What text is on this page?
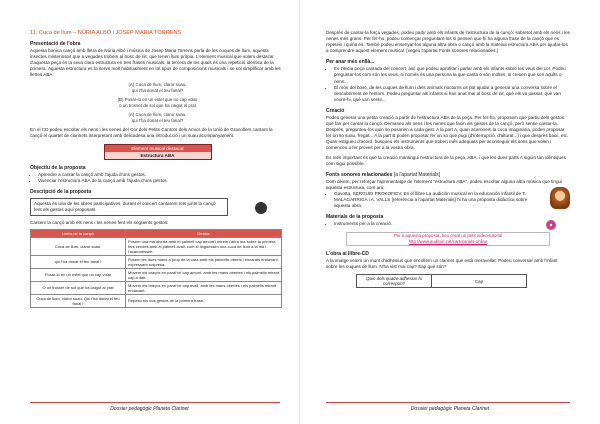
11. Cuca de llum – NÚRIA ALBÓ i JOSEP MARIA TORRENS

Presentació de l'obra

Aquesta bonica cançó amb lletra de Núria Albó i música de Josep Maria Torrens parla de les cuques de llum, aquests insectes misteriosos que a vegades trobem al bosc de nit, que tenen llum pròpia. L'element musical que volem destacar d'aquesta peça és la seva clara estructura en tres frases musicals. la tercera de les quals és una repetició idèntica de la primera. Aquesta estructura es fa servir molt habitualment en tot tipus de composicions musicals i se sol simplificar amb les lletres ABA.

(A) Cuca de llum, claror suau,
qui t'ha donat el teu fanal?
(B) Posar-lo en un estel que no cap volar
o un trosset de sol que ha caigut al prat
(A) Cuca de llum, claror suau,
qui t'ha donat el teu fanal?

En el CD podeu escoltar els nens i les nenes del Cor dels Petits Cantors dels Amics de la Unió de Granollers cantant la cançó el quartet de clarinets interpretant amb delicadesa una introducció i un suau acompanyament.

Element musical destacat
Estructura ABA

Objectiu de la proposta

• Aprendre a cantar la cançó amb l'ajuda d'uns gestos.
• Vivenciar l'estructura ABA de la cançó amb l'ajuda d'uns gestos.

Descripció de la proposta

Aquesta és una de les obres participatives, durant el concert cantarem tots junts la cançó fent els gestos aquí proposats.

Cantem la cançó amb els nens i les nenes fent els següents gestos:

Lletra de la cançó	Gestos
Cuca de llum, claror suau,	Posem una mà oberta amb el palmell cap amunt i mirem l'altra mà sobre la primera fent cercles amb el palmell avall, com si tinguéssim una cuca de llum a la mà i l'acaronéssim.
qui t'ha donat el teu fanal?	Posem les dues mans a prop de la cara amb els palmells oberts i encarats endavant, expressant sorpresa.
Posar-lo en un estel que no cap volar	Movem els braços en paral·lel cap amunt, amb les mans obertes i els palmells mirant cap a dalt.
O un trosset de sol que ha caigut al prat	Movem els braços en paral·lel cap avall, amb les mans obertes i els palmells mirant endavant.
Cuca de llum, claror suau, Qui t'ha donat el teu fanal?	Repetiu els dos gestos de la primera frase.
Dossier pedagògic Planeta Clarinet

Després de cantar-la força vegades, podeu partir amb els infants de l'estructura de la cançó: sobretot amb els nens i les nenes més grans. Per fer-ho, podeu començar preguntant-los si pensen que hi ha alguna frase de la cançó que es repeteix i quina és. També podeu ensenyar-los alguna altra obra o cançó amb la mateixa estructura ABA per ajudar-los a comprendre aquest element musical. [vegeu l'apartat Fonts sonores relacionades.]

Per anar més enllà...

• Es t'inicia peça cantada del concert, així que podeu aprofitar i parlar amb els infants sobre les veus del cor. Podeu preguntar-los com són les veus, si nomès és una persona la que canta o són moltes, si creuen que son adults o nens...
• El món del bosc, de les cuques de llum i dels animals nocturns us pot ajudar a generar una conversa sobre el descobriment de l'entorn. Podeu preguntar als infants si han anat mai al bosc de nit, què els va passar, què van veure-hi, què van sentir...

Creació

Podeu generar una petita creació a partir de l'estructura ABA de la peça. Per fer-ho, proposem que partiu dels gestos que fan per cantar la cançó. Demaneu als nens i les nenes que facin els gestos de la cançó, però sense cantar-la. Després, pregunteu-los quin so posarien a cada gest. A la part A, quan acaronem la cuca imaginària, poden proposar fer un so suau, fregat... A la part B poden proposar fer un so que pugi (d'interrupció, d'alturat...) i que desprès baixi, etc. Quan estigueu d'acord, busqueu els instruments que troben més adequats per aconseguir els sons que volen i comenceu a fer proves per a la vostra obra.

És més important és que la creació mantingui l'estructura de la peça, ABA, i que les dues parts A siguin tan idèntiques com sigui possible.

Fonts sonores relacionades [a l'apartat Materials]

Com dèiem, per reforçar l'aprenentatge de l'element "estructura ABA", podeu escoltar alguna altra música que tingui aquesta estructura, com ara:

• Gavotta, SERGUEI PROKOFIEV. En el llibre La audición musical en la educación infantil de T. MALAGARRIGA i A. VALLS [referència a l'apartat Materials] hi ha una proposta didàctica sobre aquesta obra.

Materials de la proposta

• Instruments per a la creació.
Per a aquesta proposta, heu creat un petit vídeo-tutorial
http://www.auditori.cat/cartutorials-online

L'obra al llibre-CD

A la imatge veiem un munt d'adhesius que encollem un clarinet que està meravellat. Podeu conversar amb l'infant sobre les cuques de llum. N'ha vist mai cap? Sap què són?

Quin dels quatre adhesius hi correspon?	Cap
Dossier pedagògic Planeta Clarinet
